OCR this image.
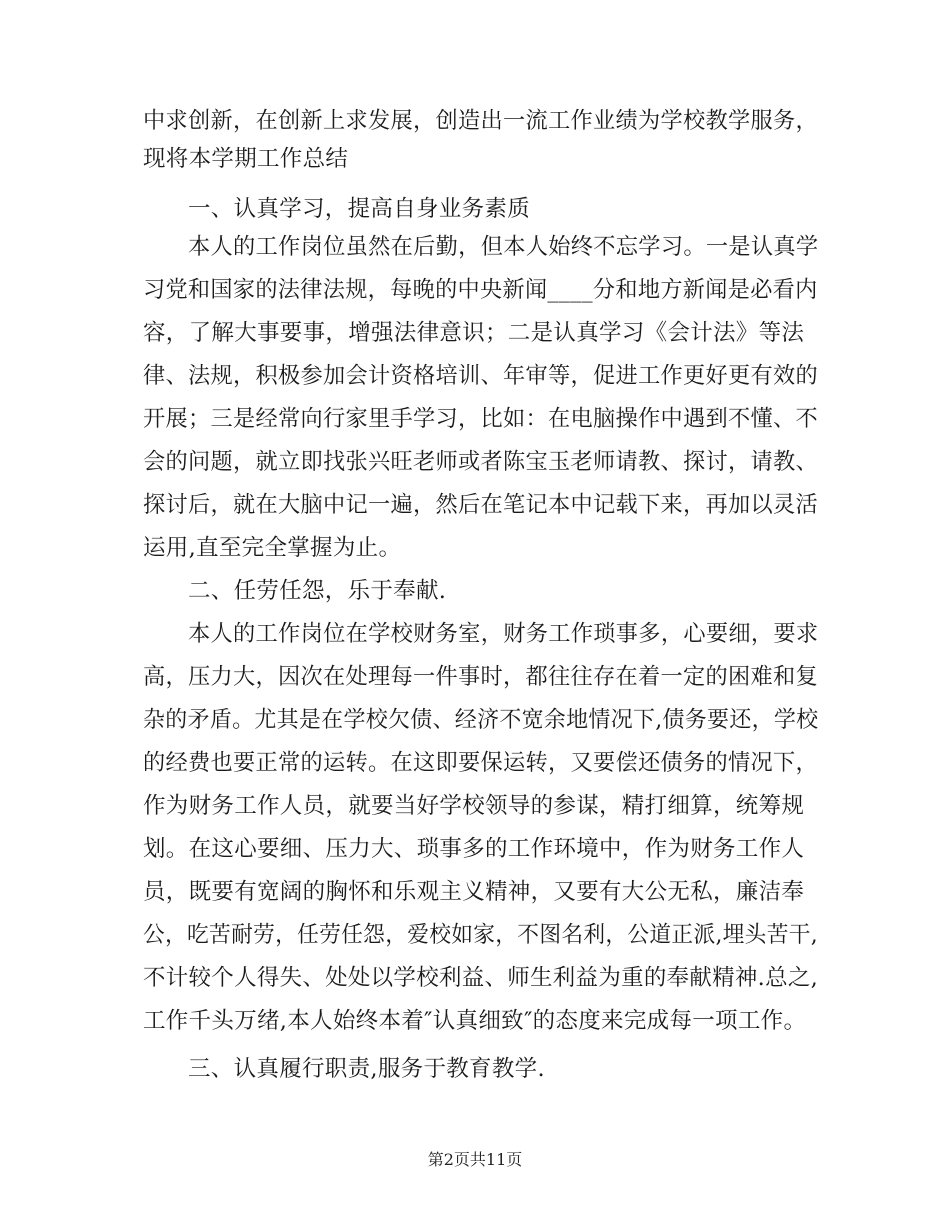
中求创新，在创新上求发展，创造出一流工作业绩为学校教学服务，
现将本学期工作总结
一、认真学习，提高自身业务素质
本人的工作岗位虽然在后勤，但本人始终不忘学习。一是认真学
习党和国家的法律法规，每晚的中央新闻____分和地方新闻是必看内
容，了解大事要事，增强法律意识；二是认真学习《会计法》等法
律、法规，积极参加会计资格培训、年审等，促进工作更好更有效的
开展；三是经常向行家里手学习，比如：在电脑操作中遇到不懂、不
会的问题，就立即找张兴旺老师或者陈宝玉老师请教、探讨，请教、
探讨后，就在大脑中记一遍，然后在笔记本中记载下来，再加以灵活
运用,直至完全掌握为止。
二、任劳任怨，乐于奉献.
本人的工作岗位在学校财务室，财务工作琐事多，心要细，要求
高，压力大，因次在处理每一件事时，都往往存在着一定的困难和复
杂的矛盾。尤其是在学校欠债、经济不宽余地情况下,债务要还，学校
的经费也要正常的运转。在这即要保运转，又要偿还债务的情况下，
作为财务工作人员，就要当好学校领导的参谋，精打细算，统筹规
划。在这心要细、压力大、琐事多的工作环境中，作为财务工作人
员，既要有宽阔的胸怀和乐观主义精神，又要有大公无私，廉洁奉
公，吃苦耐劳，任劳任怨，爱校如家，不图名利，公道正派,埋头苦干,
不计较个人得失、处处以学校利益、师生利益为重的奉献精神.总之,
工作千头万绪,本人始终本着″认真细致″的态度来完成每一项工作。
三、认真履行职责,服务于教育教学.
第2页共11页
